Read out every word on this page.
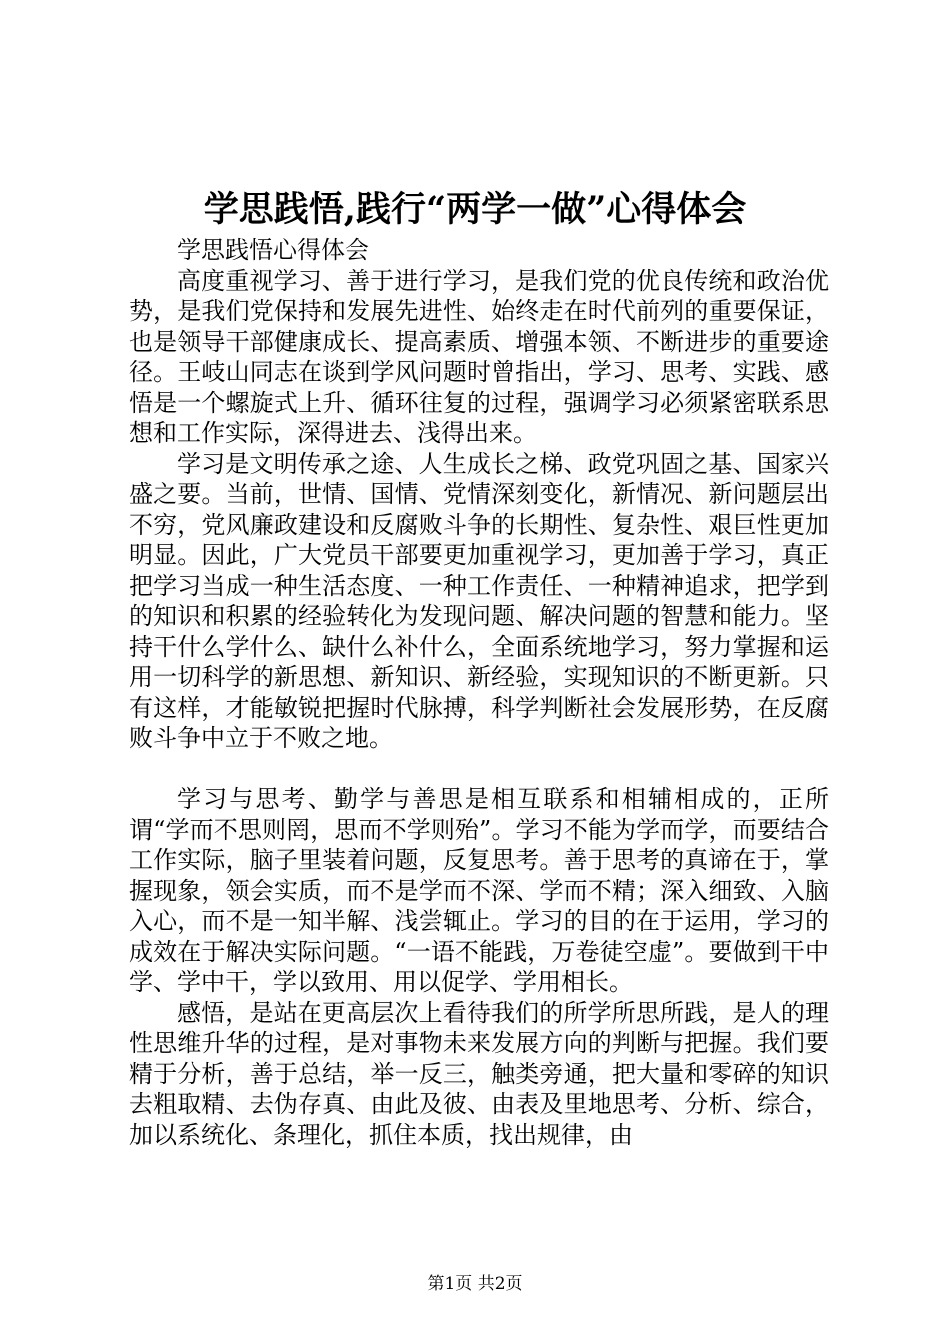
学思践悟,践行“两学一做”心得体会

学思践悟心得体会

高度重视学习、善于进行学习，是我们党的优良传统和政治优势，是我们党保持和发展先进性、始终走在时代前列的重要保证，也是领导干部健康成长、提高素质、增强本领、不断进步的重要途径。王岐山同志在谈到学风问题时曾指出，学习、思考、实践、感悟是一个螺旋式上升、循环往复的过程，强调学习必须紧密联系思想和工作实际，深得进去、浅得出来。

学习是文明传承之途、人生成长之梯、政党巩固之基、国家兴盛之要。当前，世情、国情、党情深刻变化，新情况、新问题层出不穷，党风廉政建设和反腐败斗争的长期性、复杂性、艰巨性更加明显。因此，广大党员干部要更加重视学习，更加善于学习，真正把学习当成一种生活态度、一种工作责任、一种精神追求，把学到的知识和积累的经验转化为发现问题、解决问题的智慧和能力。坚持干什么学什么、缺什么补什么，全面系统地学习，努力掌握和运用一切科学的新思想、新知识、新经验，实现知识的不断更新。只有这样，才能敏锐把握时代脉搏，科学判断社会发展形势，在反腐败斗争中立于不败之地。

学习与思考、勤学与善思是相互联系和相辅相成的，正所谓“学而不思则罔，思而不学则殆”。学习不能为学而学，而要结合工作实际，脑子里装着问题，反复思考。善于思考的真谛在于，掌握现象，领会实质，而不是学而不深、学而不精；深入细致、入脑入心，而不是一知半解、浅尝辄止。学习的目的在于运用，学习的成效在于解决实际问题。“一语不能践，万卷徒空虚”。要做到干中学、学中干，学以致用、用以促学、学用相长。

感悟，是站在更高层次上看待我们的所学所思所践，是人的理性思维升华的过程，是对事物未来发展方向的判断与把握。我们要精于分析，善于总结，举一反三，触类旁通，把大量和零碎的知识去粗取精、去伪存真、由此及彼、由表及里地思考、分析、综合，加以系统化、条理化，抓住本质，找出规律，由

第1页 共2页
